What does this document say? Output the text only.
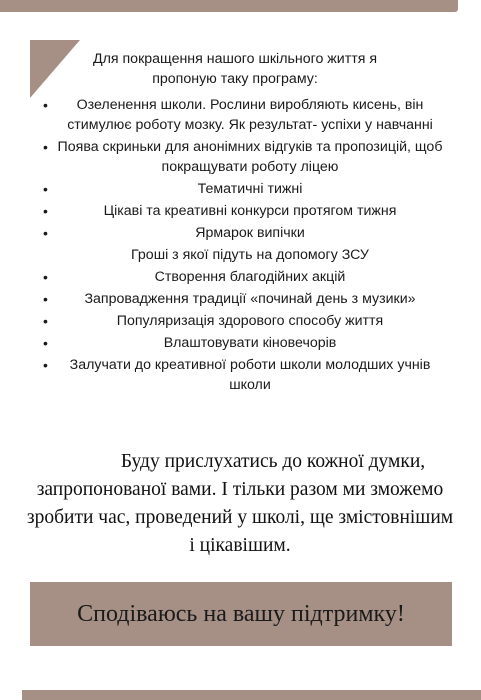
Для покращення нашого шкільного життя я
пропоную таку програму:
• Озеленення школи. Рослини виробляють кисень, він стимулює роботу мозку. Як результат- успіхи у навчанні
• Поява скриньки для анонімних відгуків та пропозицій, щоб покращувати роботу ліцею
• Тематичні тижні
• Цікаві та креативні конкурси протягом тижня
• Ярмарок випічки
Гроші з якої підуть на допомогу ЗСУ
• Створення благодійних акцій
• Запровадження традиції «починай день з музики»
• Популяризація здорового способу життя
• Влаштовувати кіновечорів
• Залучати до креативної роботи школи молодших учнів школи
Буду прислухатись до кожної думки, запропонованої вами. І тільки разом ми зможемо зробити час, проведений у школі, ще змістовнішим і цікавішим.
Сподіваюсь на вашу підтримку!
